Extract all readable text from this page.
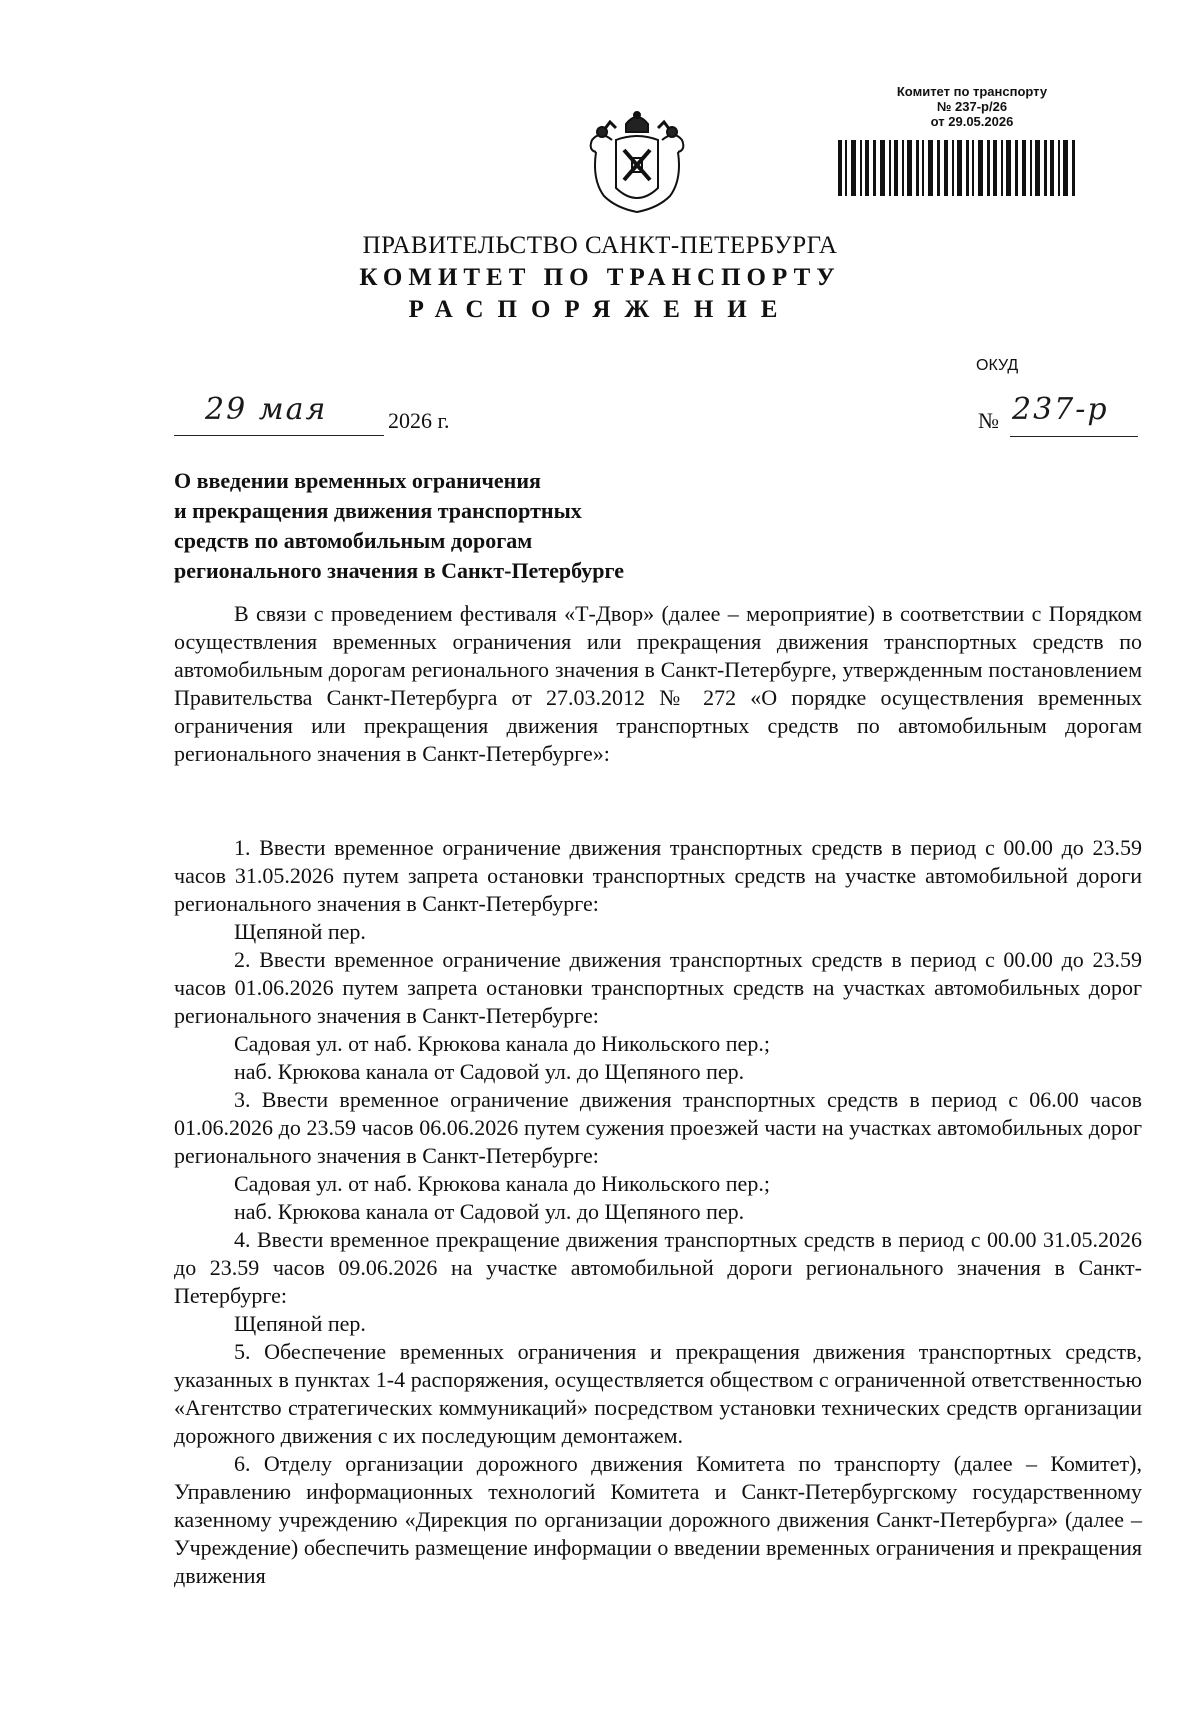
Комитет по транспорту
№ 237-р/26
от 29.05.2026
ПРАВИТЕЛЬСТВО САНКТ-ПЕТЕРБУРГА
КОМИТЕТ ПО ТРАНСПОРТУ
РАСПОРЯЖЕНИЕ
ОКУД
29 мая	2026 г.	№ 237-р
О введении временных ограничения
и прекращения движения транспортных
средств по автомобильным дорогам
регионального значения в Санкт-Петербурге

В связи с проведением фестиваля «Т-Двор» (далее – мероприятие) в соответствии с Порядком осуществления временных ограничения или прекращения движения транспортных средств по автомобильным дорогам регионального значения в Санкт-Петербурге, утвержденным постановлением Правительства Санкт-Петербурга от 27.03.2012 № 272 «О порядке осуществления временных ограничения или прекращения движения транспортных средств по автомобильным дорогам регионального значения в Санкт-Петербурге»:

1. Ввести временное ограничение движения транспортных средств в период с 00.00 до 23.59 часов 31.05.2026 путем запрета остановки транспортных средств на участке автомобильной дороги регионального значения в Санкт-Петербурге:

Щепяной пер.

2. Ввести временное ограничение движения транспортных средств в период с 00.00 до 23.59 часов 01.06.2026 путем запрета остановки транспортных средств на участках автомобильных дорог регионального значения в Санкт-Петербурге:

Садовая ул. от наб. Крюкова канала до Никольского пер.;

наб. Крюкова канала от Садовой ул. до Щепяного пер.

3. Ввести временное ограничение движения транспортных средств в период с 06.00 часов 01.06.2026 до 23.59 часов 06.06.2026 путем сужения проезжей части на участках автомобильных дорог регионального значения в Санкт-Петербурге:

Садовая ул. от наб. Крюкова канала до Никольского пер.;

наб. Крюкова канала от Садовой ул. до Щепяного пер.

4. Ввести временное прекращение движения транспортных средств в период с 00.00 31.05.2026 до 23.59 часов 09.06.2026 на участке автомобильной дороги регионального значения в Санкт-Петербурге:

Щепяной пер.

5. Обеспечение временных ограничения и прекращения движения транспортных средств, указанных в пунктах 1-4 распоряжения, осуществляется обществом с ограниченной ответственностью «Агентство стратегических коммуникаций» посредством установки технических средств организации дорожного движения с их последующим демонтажем.

6. Отделу организации дорожного движения Комитета по транспорту (далее – Комитет), Управлению информационных технологий Комитета и Санкт-Петербургскому государственному казенному учреждению «Дирекция по организации дорожного движения Санкт-Петербурга» (далее – Учреждение) обеспечить размещение информации о введении временных ограничения и прекращения движения
